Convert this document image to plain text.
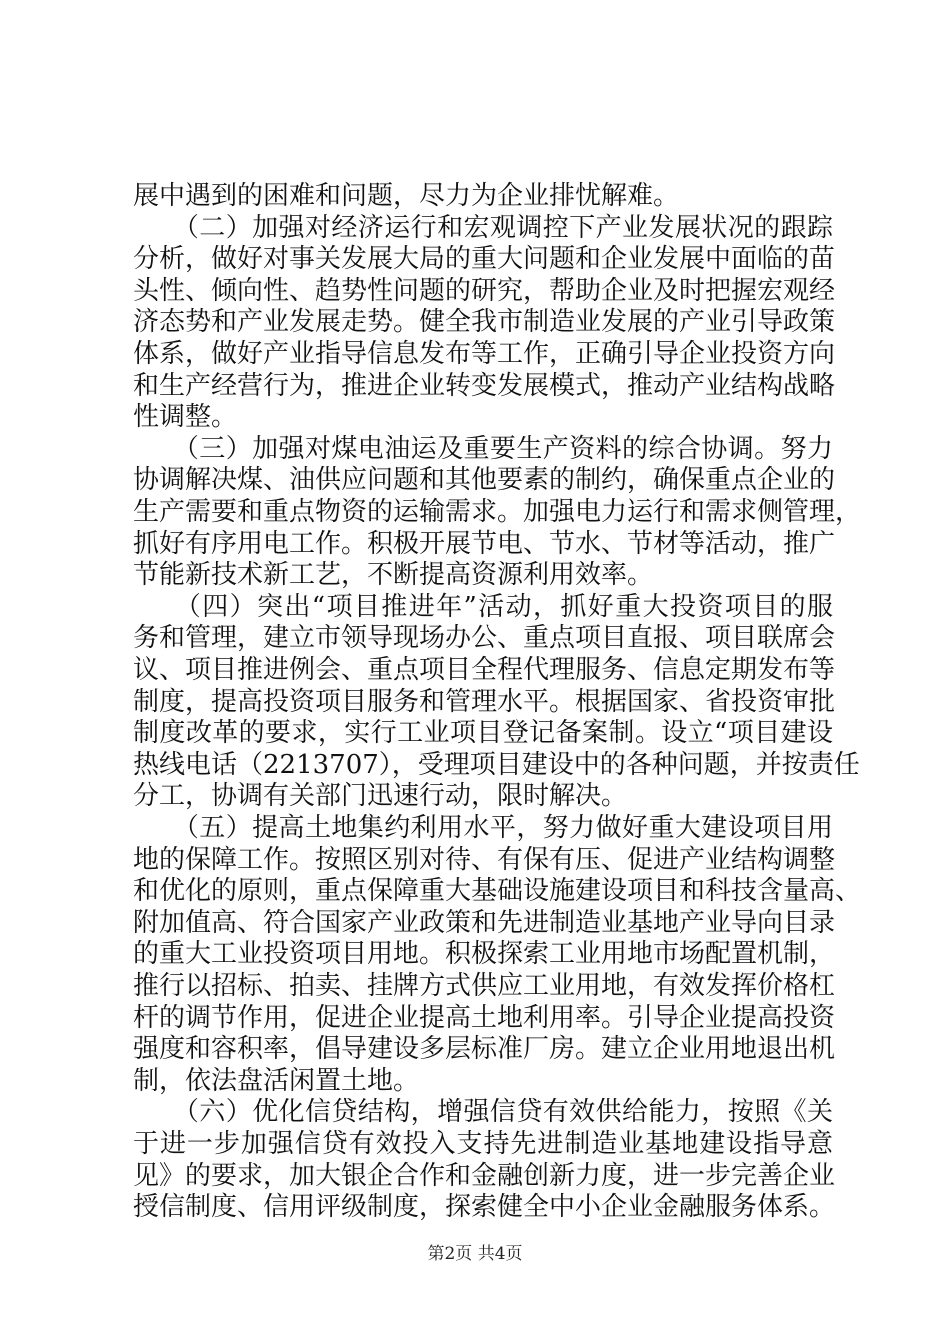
展中遇到的困难和问题，尽力为企业排忧解难。
　　（二）加强对经济运行和宏观调控下产业发展状况的跟踪
分析，做好对事关发展大局的重大问题和企业发展中面临的苗
头性、倾向性、趋势性问题的研究，帮助企业及时把握宏观经
济态势和产业发展走势。健全我市制造业发展的产业引导政策
体系，做好产业指导信息发布等工作，正确引导企业投资方向
和生产经营行为，推进企业转变发展模式，推动产业结构战略
性调整。
　　（三）加强对煤电油运及重要生产资料的综合协调。努力
协调解决煤、油供应问题和其他要素的制约，确保重点企业的
生产需要和重点物资的运输需求。加强电力运行和需求侧管理，
抓好有序用电工作。积极开展节电、节水、节材等活动，推广
节能新技术新工艺，不断提高资源利用效率。
　　（四）突出“项目推进年”活动，抓好重大投资项目的服
务和管理，建立市领导现场办公、重点项目直报、项目联席会
议、项目推进例会、重点项目全程代理服务、信息定期发布等
制度，提高投资项目服务和管理水平。根据国家、省投资审批
制度改革的要求，实行工业项目登记备案制。设立“项目建设
热线电话（2213707），受理项目建设中的各种问题，并按责任
分工，协调有关部门迅速行动，限时解决。
　　（五）提高土地集约利用水平，努力做好重大建设项目用
地的保障工作。按照区别对待、有保有压、促进产业结构调整
和优化的原则，重点保障重大基础设施建设项目和科技含量高、
附加值高、符合国家产业政策和先进制造业基地产业导向目录
的重大工业投资项目用地。积极探索工业用地市场配置机制，
推行以招标、拍卖、挂牌方式供应工业用地，有效发挥价格杠
杆的调节作用，促进企业提高土地利用率。引导企业提高投资
强度和容积率，倡导建设多层标准厂房。建立企业用地退出机
制，依法盘活闲置土地。
　　（六）优化信贷结构，增强信贷有效供给能力，按照《关
于进一步加强信贷有效投入支持先进制造业基地建设指导意
见》的要求，加大银企合作和金融创新力度，进一步完善企业
授信制度、信用评级制度，探索健全中小企业金融服务体系。
第2页 共4页
